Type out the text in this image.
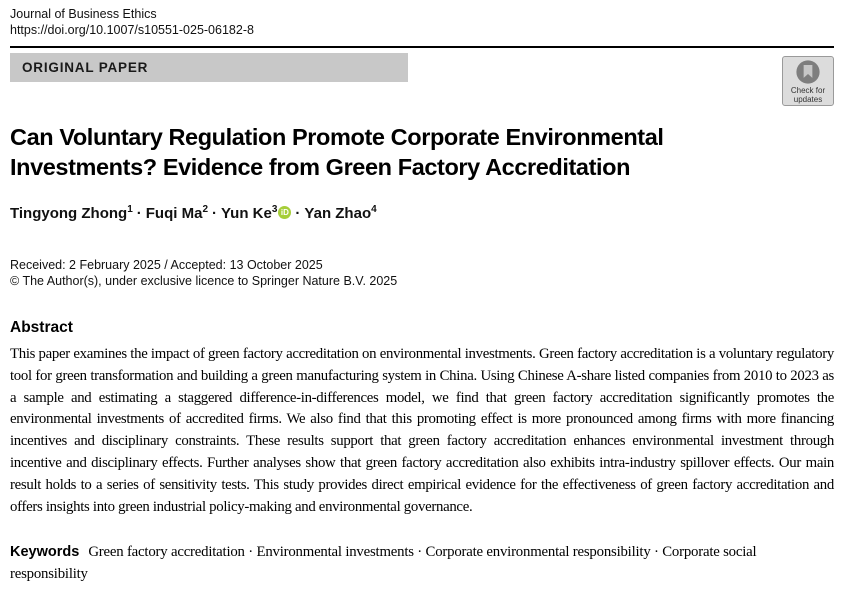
Journal of Business Ethics
https://doi.org/10.1007/s10551-025-06182-8
ORIGINAL PAPER
Check for
updates
Can Voluntary Regulation Promote Corporate Environmental
Investments? Evidence from Green Factory Accreditation
Tingyong Zhong$^1$ · Fuqi $Ma^2$ · Yun Ke$^3$ iD · Yan Zhao$^4$
Received: 2 February 2025 / Accepted: 13 October 2025
© The Author(s), under exclusive licence to Springer Nature B.V. 2025
Abstract

This paper examines the impact of green factory accreditation on environmental investments. Green factory accreditation is a voluntary regulatory tool for green transformation and building a green manufacturing system in China. Using Chinese A-share listed companies from 2010 to 2023 as a sample and estimating a staggered difference-in-differences model, we find that green factory accreditation significantly promotes the environmental investments of accredited firms. We also find that this promoting effect is more pronounced among firms with more financing incentives and disciplinary constraints. These results support that green factory accreditation enhances environmental investment through incentive and disciplinary effects. Further analyses show that green factory accreditation also exhibits intra-industry spillover effects. Our main result holds to a series of sensitivity tests. This study provides direct empirical evidence for the effectiveness of green factory accreditation and offers insights into green industrial policy-making and environmental governance.

Keywords Green factory accreditation · Environmental investments · Corporate environmental responsibility · Corporate social responsibility
